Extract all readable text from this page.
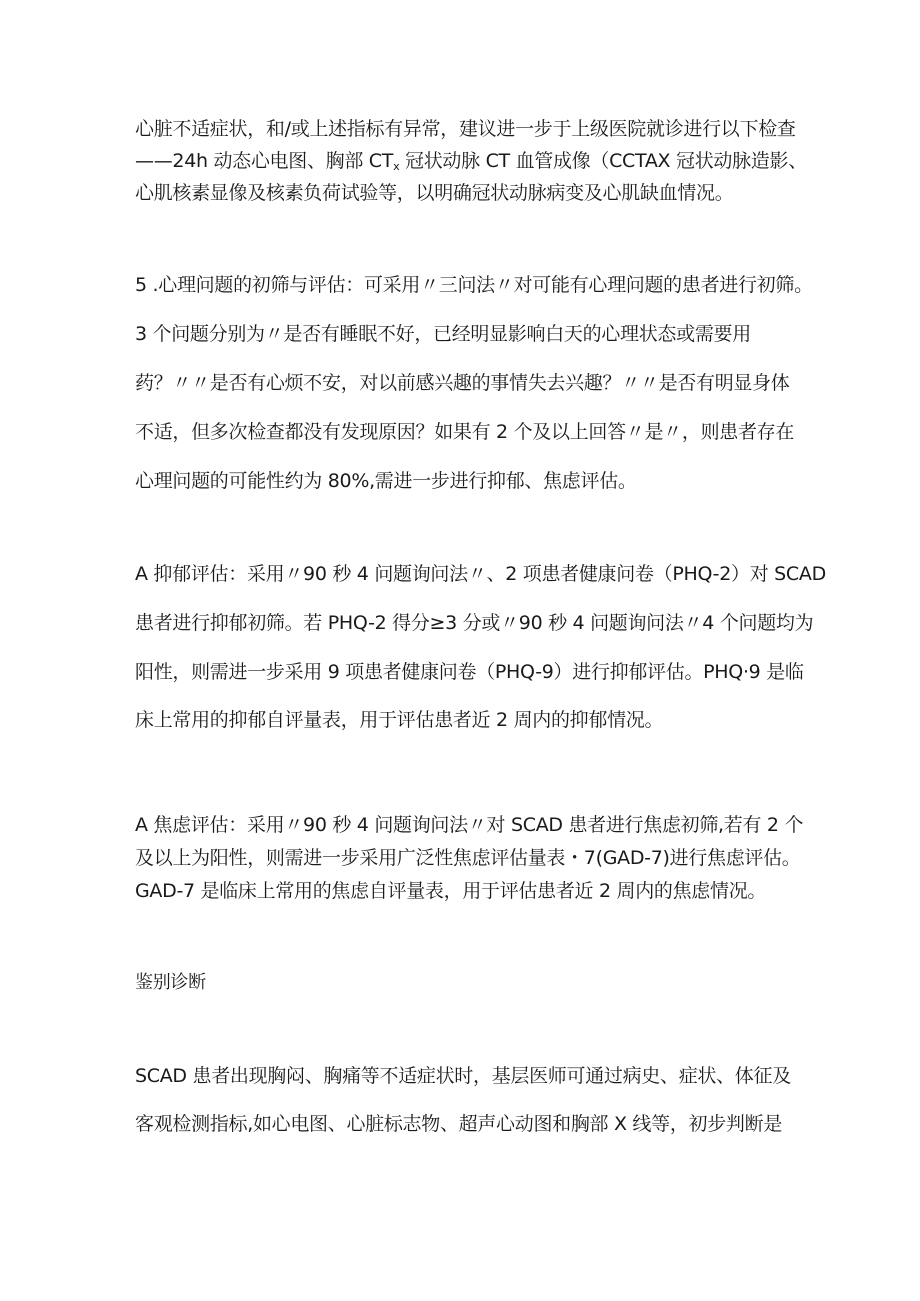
心脏不适症状，和/或上述指标有异常，建议进一步于上级医院就诊进行以下检查

——24h 动态心电图、胸部 $CT_x$ 冠状动脉 CT 血管成像（CCTAX 冠状动脉造影、

心肌核素显像及核素负荷试验等，以明确冠状动脉病变及心肌缺血情况。

5 .心理问题的初筛与评估：可采用〃三问法〃对可能有心理问题的患者进行初筛。

3 个问题分别为〃是否有睡眠不好，已经明显影响白天的心理状态或需要用

药？〃〃是否有心烦不安，对以前感兴趣的事情失去兴趣？〃〃是否有明显身体

不适，但多次检查都没有发现原因？如果有 2 个及以上回答〃是〃，则患者存在

心理问题的可能性约为 80%,需进一步进行抑郁、焦虑评估。

A 抑郁评估：采用〃90 秒 4 问题询问法〃、2 项患者健康问卷（PHQ-2）对 SCAD

患者进行抑郁初筛。若 PHQ-2 得分≥3 分或〃90 秒 4 问题询问法〃4 个问题均为

阳性，则需进一步采用 9 项患者健康问卷（PHQ-9）进行抑郁评估。PHQ·9 是临

床上常用的抑郁自评量表，用于评估患者近 2 周内的抑郁情况。

A 焦虑评估：采用〃90 秒 4 问题询问法〃对 SCAD 患者进行焦虑初筛,若有 2 个

及以上为阳性，则需进一步采用广泛性焦虑评估量表・7(GAD-7)进行焦虑评估。

GAD-7 是临床上常用的焦虑自评量表，用于评估患者近 2 周内的焦虑情况。

鉴别诊断

SCAD 患者出现胸闷、胸痛等不适症状时，基层医师可通过病史、症状、体征及

客观检测指标,如心电图、心脏标志物、超声心动图和胸部 X 线等，初步判断是
